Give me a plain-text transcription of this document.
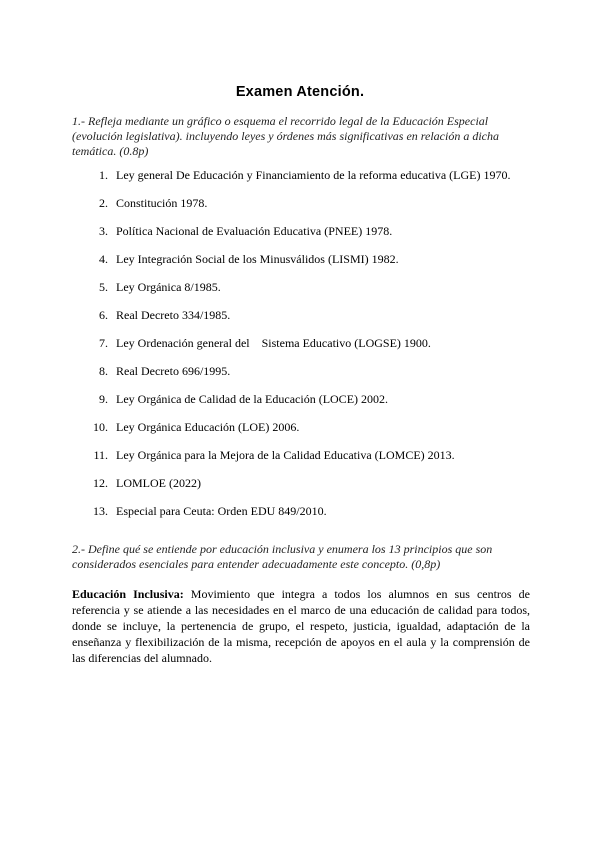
Examen Atención.
1.- Refleja mediante un gráfico o esquema el recorrido legal de la Educación Especial (evolución legislativa). incluyendo leyes y órdenes más significativas en relación a dicha temática. (0.8p)
1. Ley general De Educación y Financiamiento de la reforma educativa (LGE) 1970.
2. Constitución 1978.
3. Política Nacional de Evaluación Educativa (PNEE) 1978.
4. Ley Integración Social de los Minusválidos (LISMI) 1982.
5. Ley Orgánica 8/1985.
6. Real Decreto 334/1985.
7. Ley Ordenación general del    Sistema Educativo (LOGSE) 1900.
8. Real Decreto 696/1995.
9. Ley Orgánica de Calidad de la Educación (LOCE) 2002.
10. Ley Orgánica Educación (LOE) 2006.
11. Ley Orgánica para la Mejora de la Calidad Educativa (LOMCE) 2013.
12. LOMLOE (2022)
13. Especial para Ceuta: Orden EDU 849/2010.
2.- Define qué se entiende por educación inclusiva y enumera los 13 principios que son considerados esenciales para entender adecuadamente este concepto. (0,8p)
Educación Inclusiva: Movimiento que integra a todos los alumnos en sus centros de referencia y se atiende a las necesidades en el marco de una educación de calidad para todos, donde se incluye, la pertenencia de grupo, el respeto, justicia, igualdad, adaptación de la enseñanza y flexibilización de la misma, recepción de apoyos en el aula y la comprensión de las diferencias del alumnado.
